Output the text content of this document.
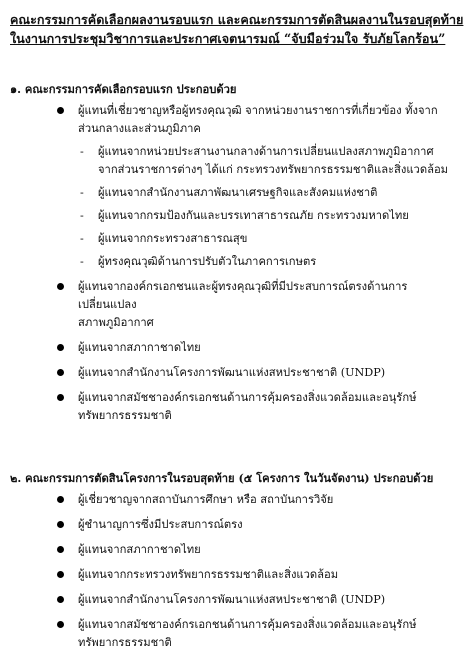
คณะกรรมการคัดเลือกผลงานรอบแรก และคณะกรรมการตัดสินผลงานในรอบสุดท้าย
ในงานการประชุมวิชาการและประกาศเจตนารมณ์ “จับมือร่วมใจ รับภัยโลกร้อน”
๑. คณะกรรมการคัดเลือกรอบแรก ประกอบด้วย
ผู้แทนที่เชี่ยวชาญหรือผู้ทรงคุณวุฒิ จากหน่วยงานราชการที่เกี่ยวข้อง ทั้งจาก
ส่วนกลางและส่วนภูมิภาค
- ผู้แทนจากหน่วยประสานงานกลางด้านการเปลี่ยนแปลงสภาพภูมิอากาศ
จากส่วนราชการต่างๆ ได้แก่ กระทรวงทรัพยากรธรรมชาติและสิ่งแวดล้อม
- ผู้แทนจากสำนักงานสภาพัฒนาเศรษฐกิจและสังคมแห่งชาติ
- ผู้แทนจากกรมป้องกันและบรรเทาสาธารณภัย กระทรวงมหาดไทย
- ผู้แทนจากกระทรวงสาธารณสุข
- ผู้ทรงคุณวุฒิด้านการปรับตัวในภาคการเกษตร
ผู้แทนจากองค์กรเอกชนและผู้ทรงคุณวุฒิที่มีประสบการณ์ตรงด้านการเปลี่ยนแปลง
สภาพภูมิอากาศ
ผู้แทนจากสภากาชาดไทย
ผู้แทนจากสำนักงานโครงการพัฒนาแห่งสหประชาชาติ (UNDP)
ผู้แทนจากสมัชชาองค์กรเอกชนด้านการคุ้มครองสิ่งแวดล้อมและอนุรักษ์
ทรัพยากรธรรมชาติ
๒. คณะกรรมการตัดสินโครงการในรอบสุดท้าย (๕ โครงการ ในวันจัดงาน) ประกอบด้วย
ผู้เชี่ยวชาญจากสถาบันการศึกษา หรือ สถาบันการวิจัย
ผู้ชำนาญการซึ่งมีประสบการณ์ตรง
ผู้แทนจากสภากาชาดไทย
ผู้แทนจากกระทรวงทรัพยากรธรรมชาติและสิ่งแวดล้อม
ผู้แทนจากสำนักงานโครงการพัฒนาแห่งสหประชาชาติ (UNDP)
ผู้แทนจากสมัชชาองค์กรเอกชนด้านการคุ้มครองสิ่งแวดล้อมและอนุรักษ์
ทรัพยากรธรรมชาติ
